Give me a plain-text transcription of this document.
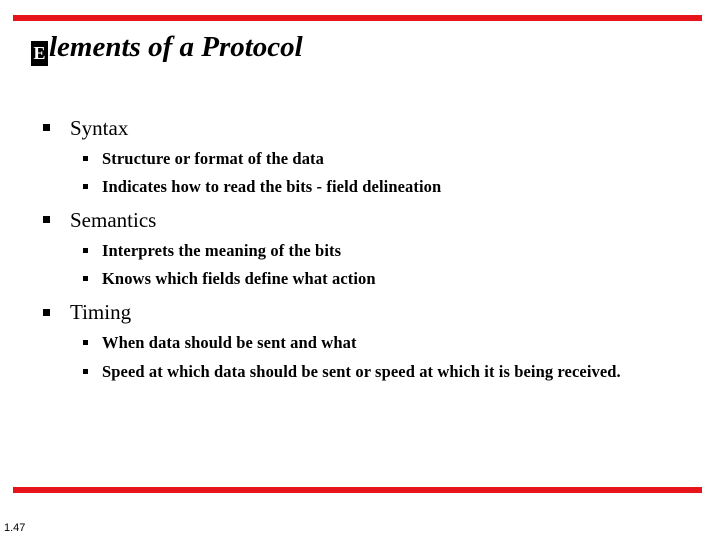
E lements of a Protocol
Syntax
Structure or format of the data
Indicates how to read the bits - field delineation
Semantics
Interprets the meaning of the bits
Knows which fields define what action
Timing
When data should be sent and what
Speed at which data should be sent or speed at which it is being received.
1.47
